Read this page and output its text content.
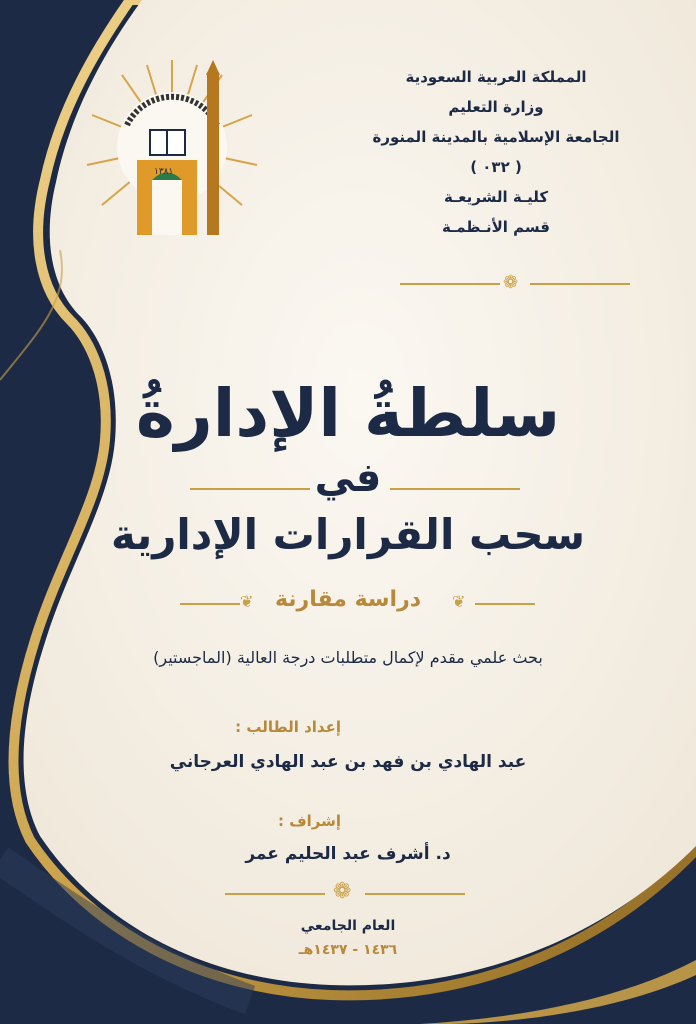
١٣٨١
المملكة العربية السعودية
وزارة التعليم
الجامعة الإسلامية بالمدينة المنورة
( ٠٣٢ )
كليـة الشريعـة
قسم الأنـظمـة
❁
سلطةُ الإدارةُ
في
سحب القرارات الإدارية
❦ دراسة مقارنة	❦
بحث علمي مقدم لإكمال متطلبات درجة العالية (الماجستير)
إعداد الطالب :
عبد الهادي بن فهد بن عبد الهادي العرجاني
إشراف :
د. أشرف عبد الحليم عمر
❁
العام الجامعي
١٤٣٦ - ١٤٣٧هـ
